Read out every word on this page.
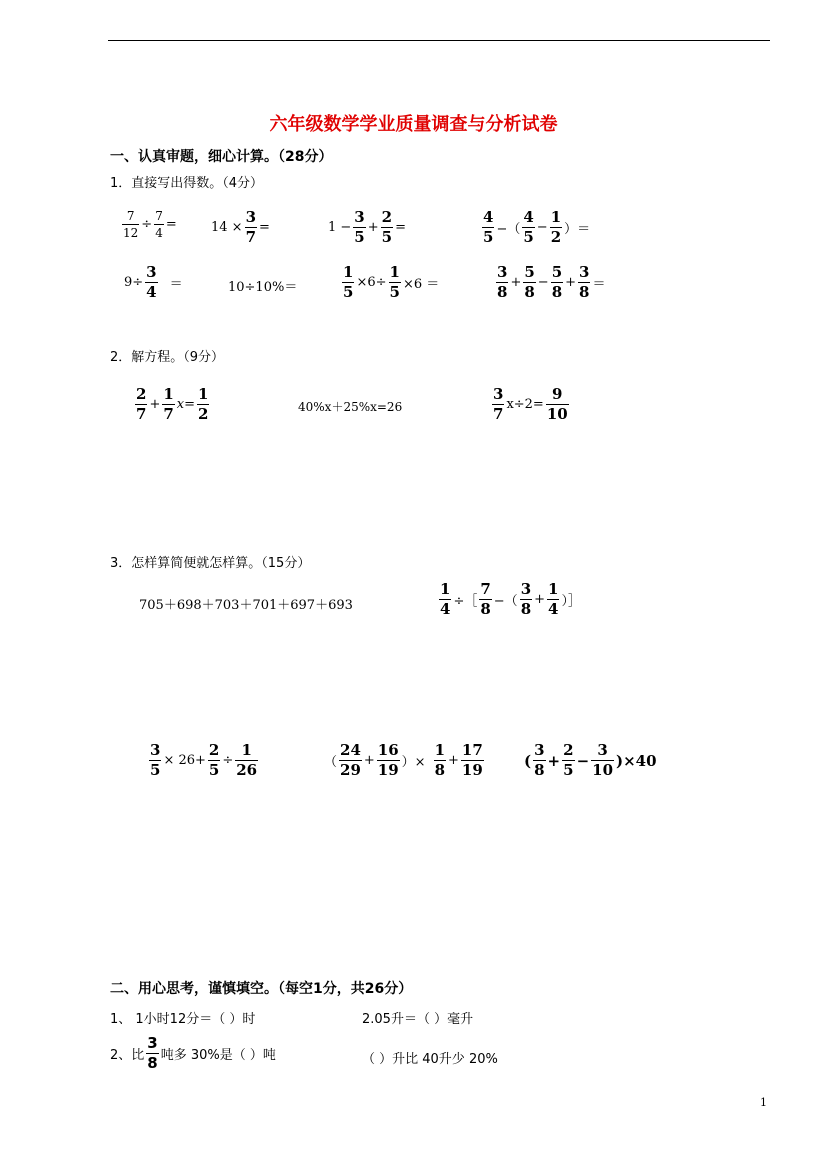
六年级数学学业质量调查与分析试卷
一、认真审题，细心计算。（28分）
1．直接写出得数。（4分）
$\frac{7}{12} \div \frac{7}{4}$ =	$14 \times \frac{3}{7}$ =	$1 - \frac{3}{5} + \frac{2}{5}$ =	$\frac{4}{5}$ −（ $\frac{4}{5} - \frac{1}{2}$ ）＝
$9\div \frac{3}{4}$ ＝	10÷10%＝	$\frac{1}{5} \times 6\div \frac{1}{5} \times 6$ ＝	$\frac{3}{8} + \frac{5}{8} - \frac{5}{8} + \frac{3}{8}$ ＝
2．解方程。（9分）
$\frac{2}{7} + \frac{1}{7} x= \frac{1}{2}$	40%x＋25%x=26	$\frac{3}{7} x\div 2= \frac{9}{10}$
3．怎样算简便就怎样算。（15分）
705＋698＋703＋701＋697＋693	$\frac{1}{4}$ ÷［ $\frac{7}{8}$ −（ $\frac{3}{8} + \frac{1}{4}$ ）］
$\frac{3}{5} \times 26+ \frac{2}{5} \div \frac{1}{26}$	（ $\frac{24}{29} + \frac{16}{19}$ ）× $\frac{1}{8} + \frac{17}{19}$	( $\frac{3}{8} + \frac{2}{5} - \frac{3}{10} )\times 40$
二、用心思考，谨慎填空。（每空1分，共26分）
1、 1小时12分＝（ ）时	2.05升＝（ ）毫升
2、比 $\frac{3}{8}$ 吨多 30%是（ ）吨	（ ）升比 40升少 20%
1
